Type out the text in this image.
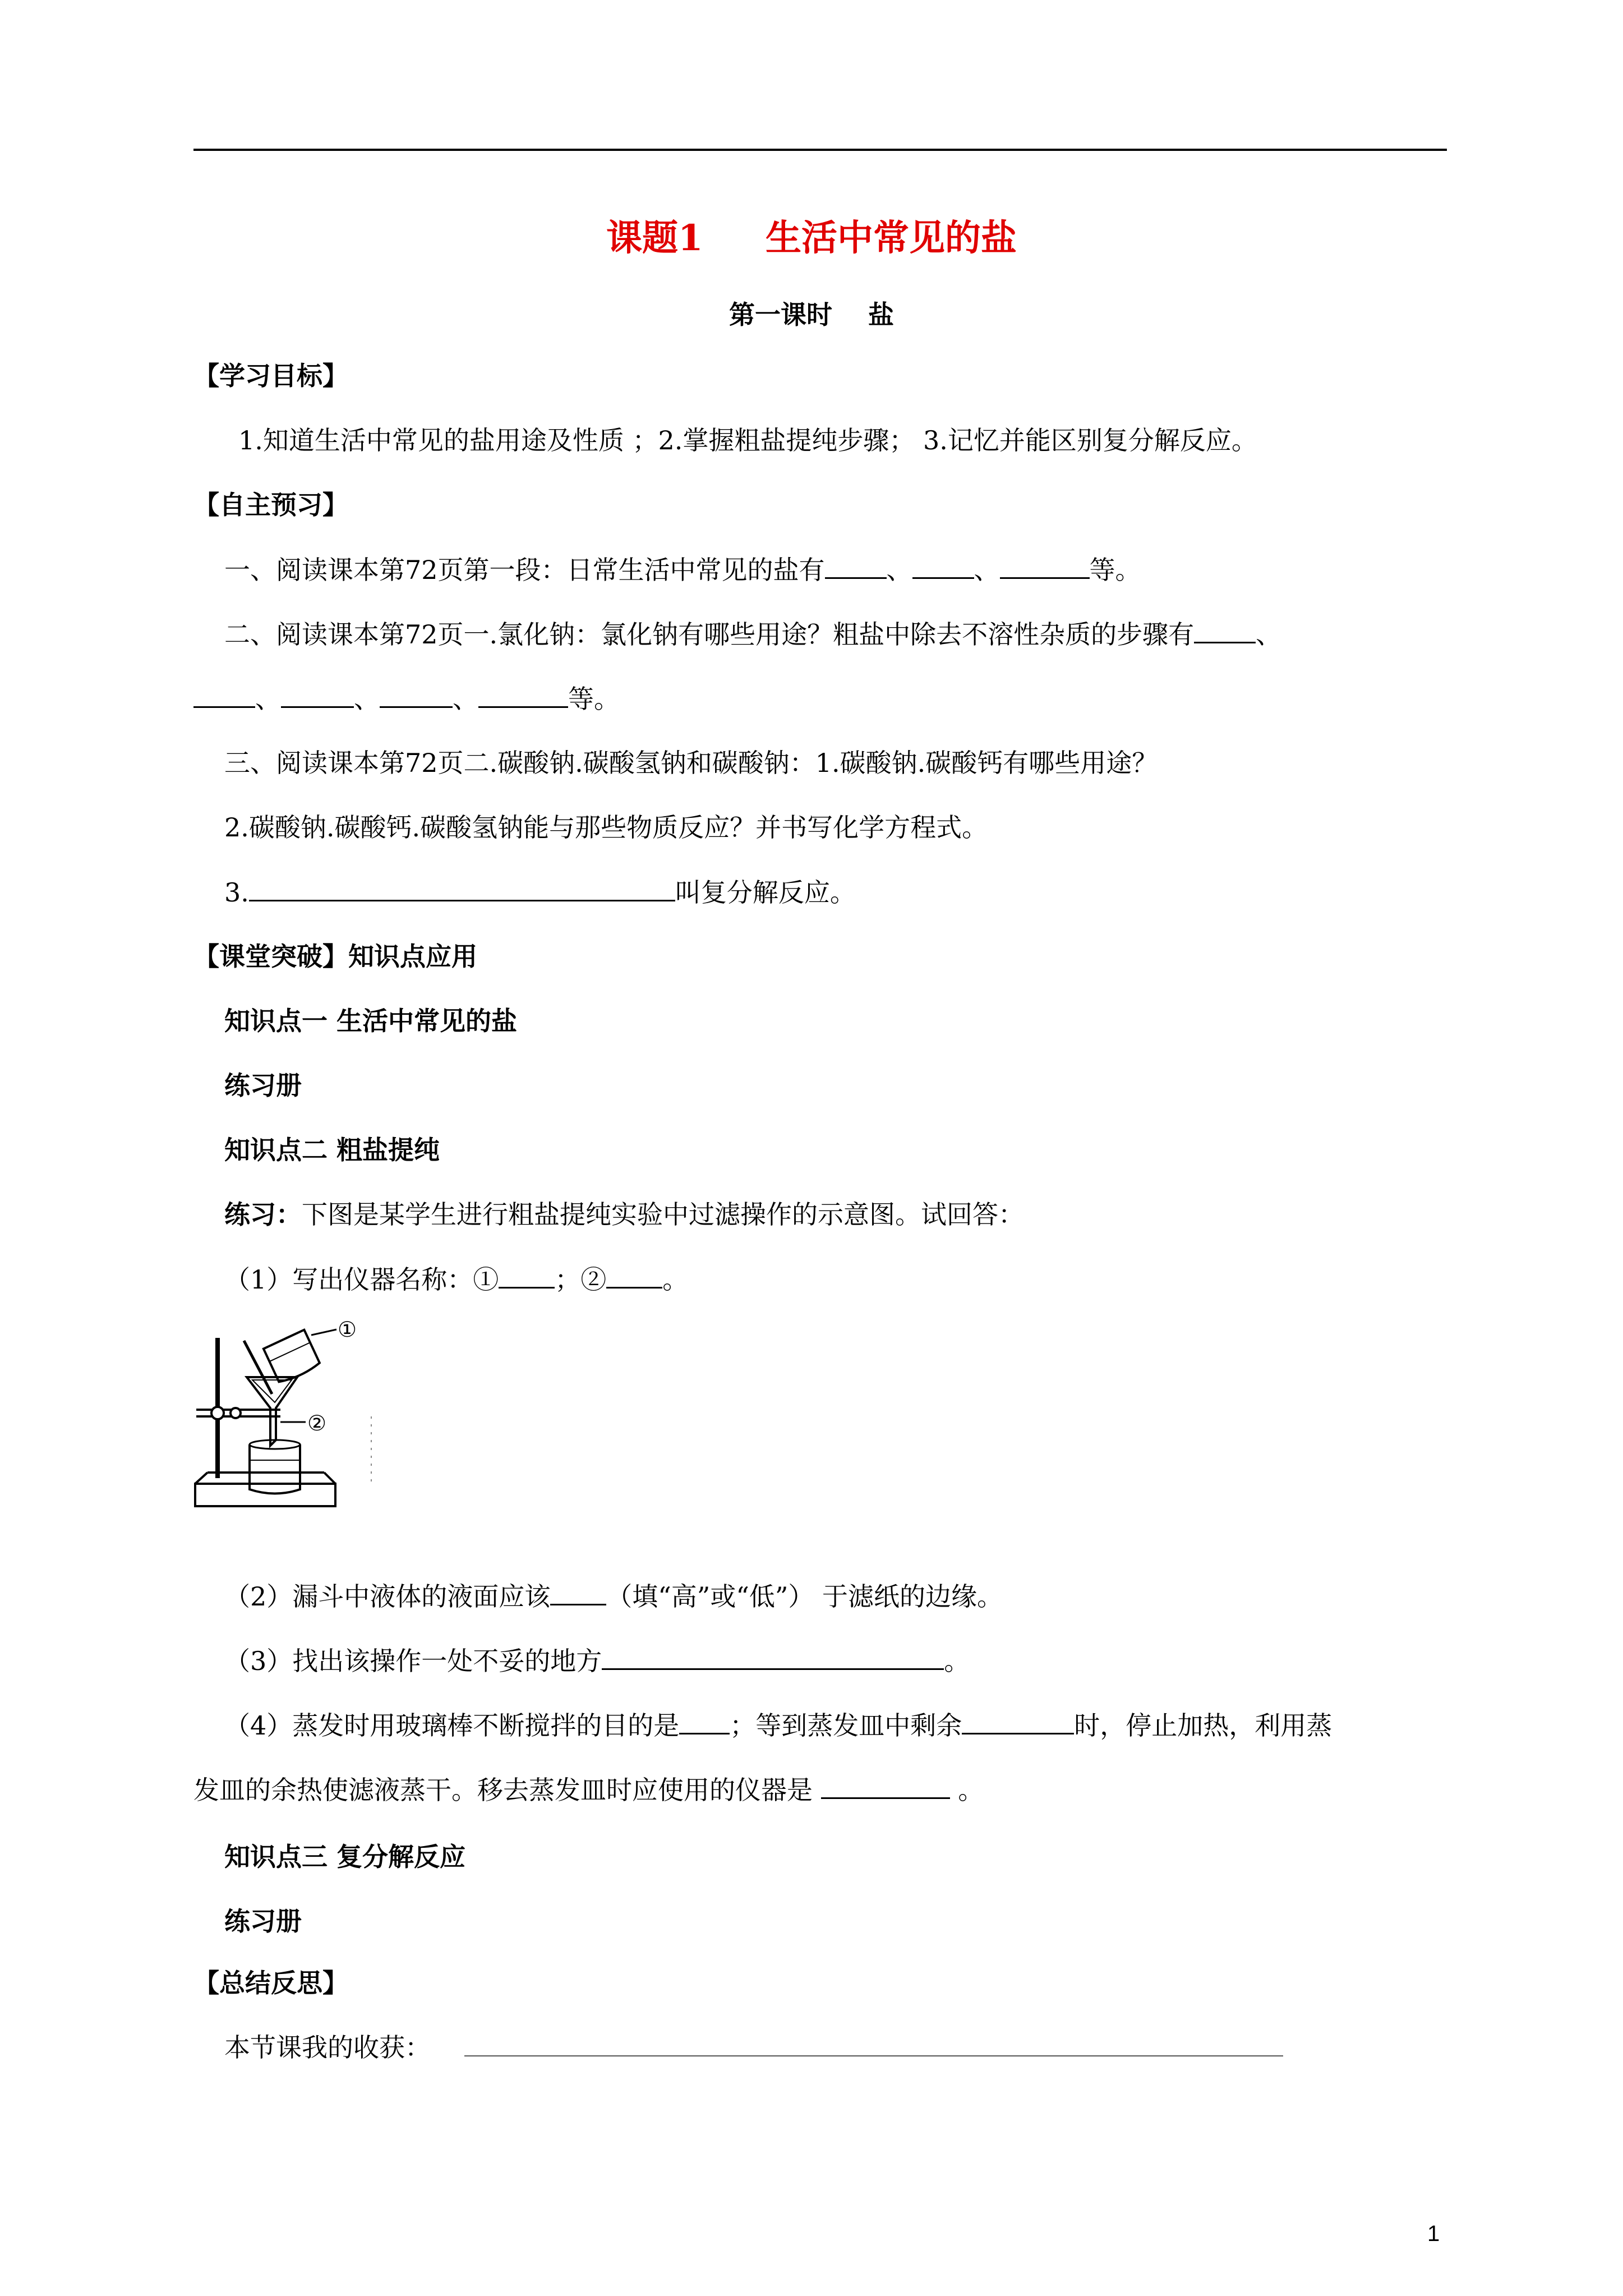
课题1     生活中常见的盐
第一课时    盐
【学习目标】
1.知道生活中常见的盐用途及性质 ；2.掌握粗盐提纯步骤； 3.记忆并能区别复分解反应。
【自主预习】
一、阅读课本第72页第一段：日常生活中常见的盐有 、 、	等。
二、阅读课本第72页一.氯化钠：氯化钠有哪些用途？粗盐中除去不溶性杂质的步骤有 、
、	、	、	等。
三、阅读课本第72页二.碳酸钠.碳酸氢钠和碳酸钠：1.碳酸钠.碳酸钙有哪些用途？
2.碳酸钠.碳酸钙.碳酸氢钠能与那些物质反应？并书写化学方程式。
3.	叫复分解反应。
【课堂突破】知识点应用
知识点一 生活中常见的盐
练习册
知识点二 粗盐提纯
练习：下图是某学生进行粗盐提纯实验中过滤操作的示意图。试回答：
（1）写出仪器名称：① ；② 。
①
②
（2）漏斗中液体的液面应该 （填“高”或“低”） 于滤纸的边缘。
（3）找出该操作一处不妥的地方	。
（4）蒸发时用玻璃棒不断搅拌的目的是 ；等到蒸发皿中剩余	时，停止加热，利用蒸
发皿的余热使滤液蒸干。移去蒸发皿时应使用的仪器是	。
知识点三 复分解反应
练习册
【总结反思】
本节课我的收获：
1
